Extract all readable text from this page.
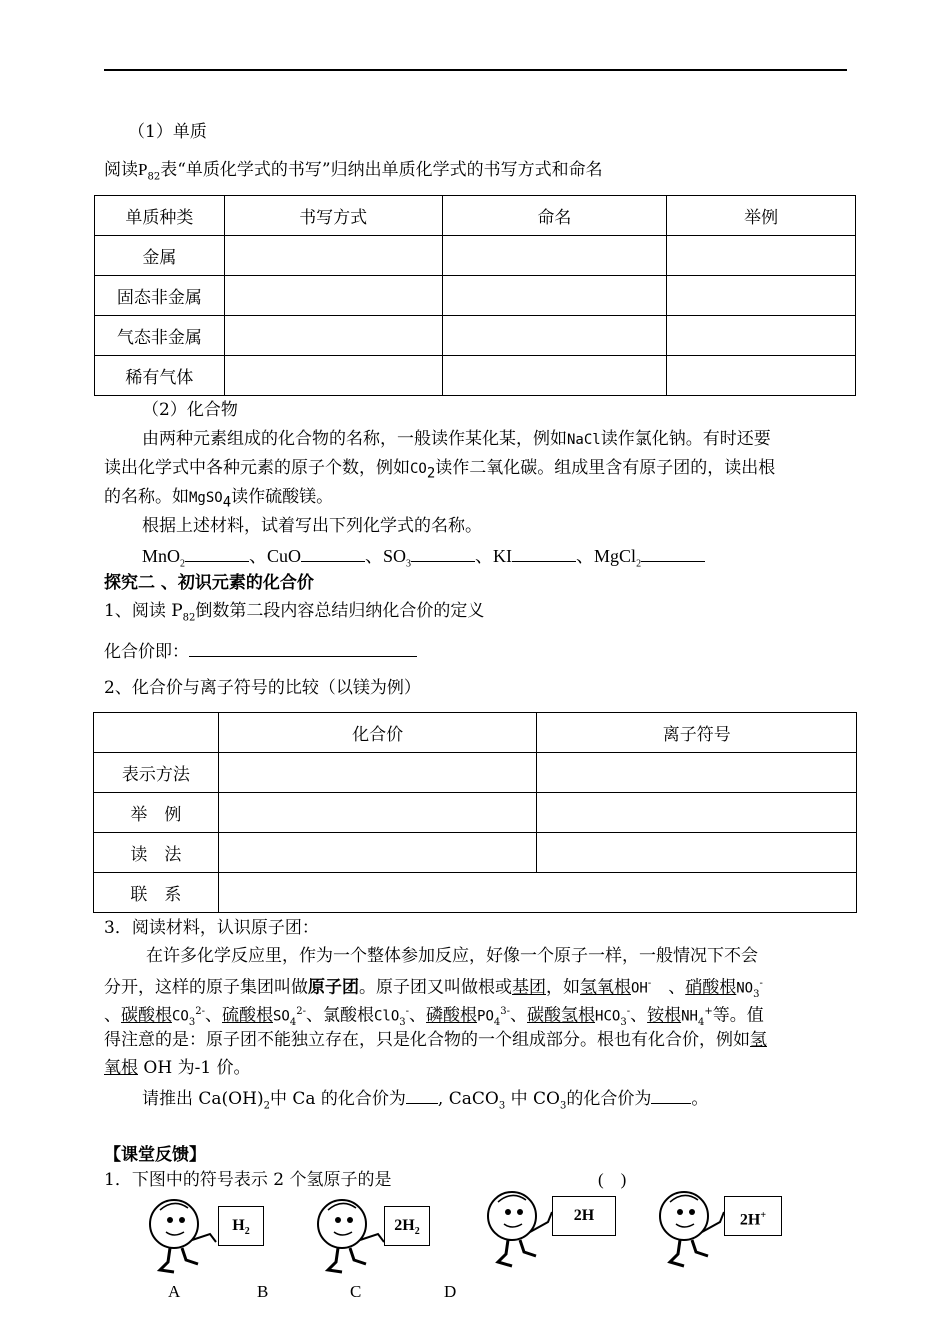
（1）单质
阅读$P_{82}$表“单质化学式的书写”归纳出单质化学式的书写方式和命名
单质种类	书写方式	命名	举例
金属			
固态非金属			
气态非金属			
稀有气体			
（2）化合物
由两种元素组成的化合物的名称，一般读作某化某，例如NaCl读作氯化钠。有时还要
读出化学式中各种元素的原子个数，例如$CO_2$读作二氧化碳。组成里含有原子团的，读出根
的名称。如MgSO$_4$读作硫酸镁。
根据上述材料，试着写出下列化学式的名称。
MnO$_2$	、CuO	、$SO_3$	、KI	、MgCl$_2$
探究二 、初识元素的化合价
1、阅读 $P_{82}$倒数第二段内容总结归纳化合价的定义
化合价即：
2、化合价与离子符号的比较（以镁为例）
	化合价	离子符号
表示方法		
举　例		
读　法		
联　系		
3．阅读材料，认识原子团：
在许多化学反应里，作为一个整体参加反应，好像一个原子一样，一般情况下不会
分开，这样的原子集团叫做原子团。原子团又叫做根或基团，如氢氧根OH-　、硝酸根$NO_3^-$
、碳酸根$CO_3^{2-}$、硫酸根$SO_4^{2-}$、氯酸根ClO$_3$-、磷酸根$PO_4^{3-}$、碳酸氢根$HCO_3^-$、铵根$NH_4^+$等。值
得注意的是：原子团不能独立存在，只是化合物的一个组成部分。根也有化合价，例如氢
氧根 OH 为-1 价。
请推出 $Ca(OH)_2$中 Ca 的化合价为 , CaCO$_3$ 中 $CO_3$的化合价为 。
【课堂反馈】
1．下图中的符号表示 2 个氢原子的是	(　)
$H_2$	$2H_2$
2H	2H+
A	B	C	D
